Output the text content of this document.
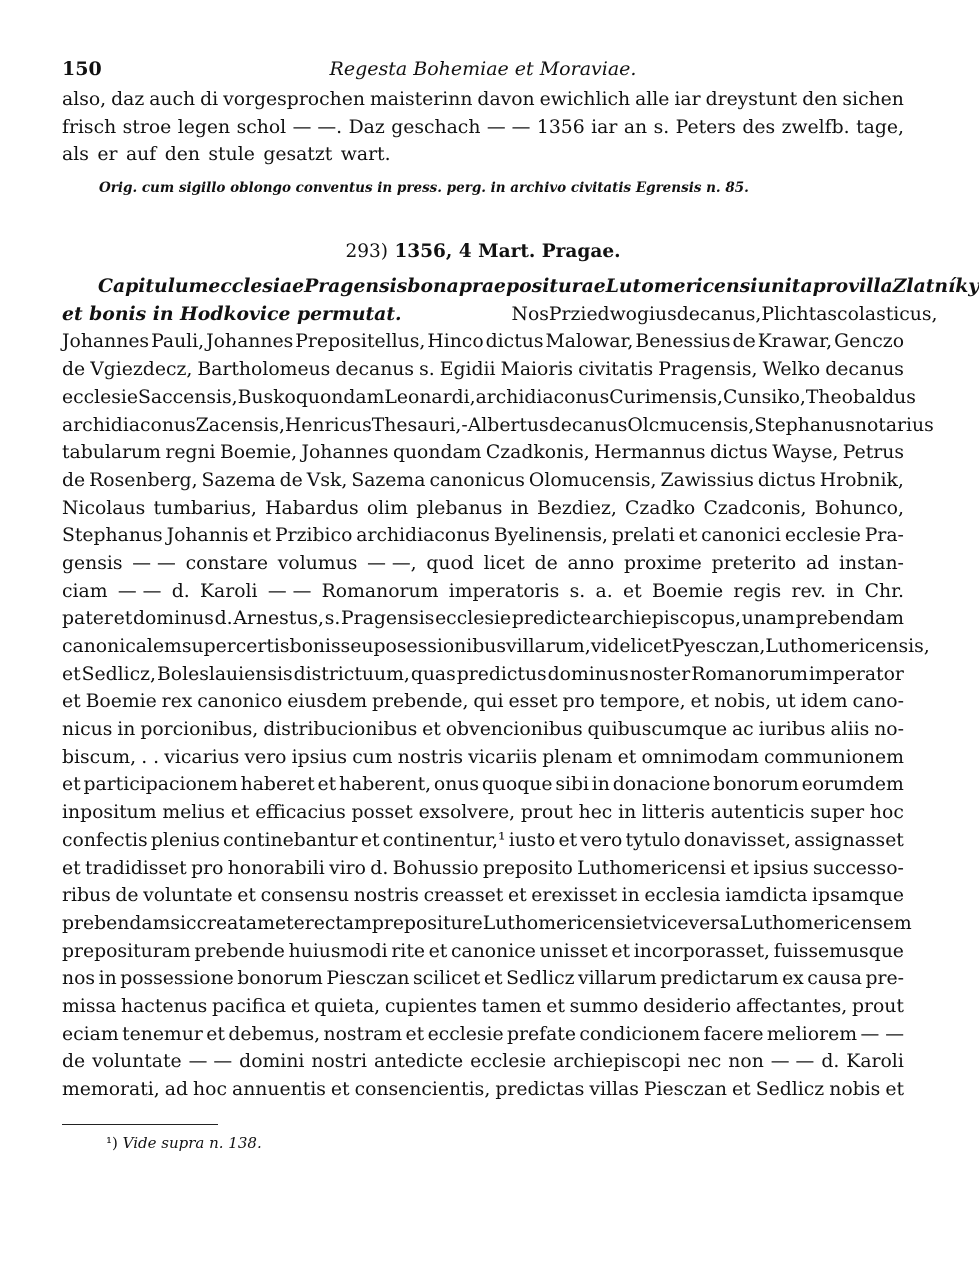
150	Regesta Bohemiae et Moraviae.
also, daz auch di vorgesprochen maisterinn davon ewichlich alle iar dreystunt den sichen
frisch stroe legen schol — —. Daz geschach — — 1356 iar an s. Peters des zwelfb. tage,
als er auf den stule gesatzt wart.
Orig. cum sigillo oblongo conventus in press. perg. in archivo civitatis Egrensis n. 85.
293) 1356, 4 Mart. Pragae.
Capitulum ecclesiae Pragensis bona praepositurae Lutomericensi unita pro villa Zlatníky
et bonis in Hodkovice permutat.	Nos Prziedwogius decanus, Plichta scolasticus,
Johannes Pauli, Johannes Prepositellus, Hinco dictus Malowar, Benessius de Krawar, Genczo
de Vgiezdecz, Bartholomeus decanus s. Egidii Maioris civitatis Pragensis, Welko decanus
ecclesie Saccensis, Busko quondam Leonardi, archidiaconus Curimensis, Cunsiko, Theobaldus
archidiaconus Zacensis, Henricus Thesauri, -Albertus decanus Olcmucensis, Stephanus notarius
tabularum regni Boemie, Johannes quondam Czadkonis, Hermannus dictus Wayse, Petrus
de Rosenberg, Sazema de Vsk, Sazema canonicus Olomucensis, Zawissius dictus Hrobnik,
Nicolaus tumbarius, Habardus olim plebanus in Bezdiez, Czadko Czadconis, Bohunco,
Stephanus Johannis et Przibico archidiaconus Byelinensis, prelati et canonici ecclesie Pra-
gensis — — constare volumus — —, quod licet de anno proxime preterito ad instan-
ciam — — d. Karoli — — Romanorum imperatoris s. a. et Boemie regis rev. in Chr.
pater et dominus d. Arnestus, s. Pragensis ecclesie predicte archiepiscopus, unam prebendam
canonicalem super certis bonis seu posessionibus villarum, videlicet Pyesczan, Luthomericensis,
et Sedlicz, Boleslauiensis districtuum, quas predictus dominus noster Romanorum imperator
et Boemie rex canonico eiusdem prebende, qui esset pro tempore, et nobis, ut idem cano-
nicus in porcionibus, distribucionibus et obvencionibus quibuscumque ac iuribus aliis no-
biscum, . . vicarius vero ipsius cum nostris vicariis plenam et omnimodam communionem
et participacionem haberet et haberent, onus quoque sibi in donacione bonorum eorumdem
inpositum melius et efficacius posset exsolvere, prout hec in litteris autenticis super hoc
confectis plenius continebantur et continentur,¹ iusto et vero tytulo donavisset, assignasset
et tradidisset pro honorabili viro d. Bohussio preposito Luthomericensi et ipsius successo-
ribus de voluntate et consensu nostris creasset et erexisset in ecclesia iamdicta ipsamque
prebendam sic creatam et erectam prepositure Luthomericensi et viceversa Luthomericensem
preposituram prebende huiusmodi rite et canonice unisset et incorporasset, fuissemusque
nos in possessione bonorum Piesczan scilicet et Sedlicz villarum predictarum ex causa pre-
missa hactenus pacifica et quieta, cupientes tamen et summo desiderio affectantes, prout
eciam tenemur et debemus, nostram et ecclesie prefate condicionem facere meliorem — —
de voluntate — — domini nostri antedicte ecclesie archiepiscopi nec non — — d. Karoli
memorati, ad hoc annuentis et consencientis, predictas villas Piesczan et Sedlicz nobis et
¹) Vide supra n. 138.
